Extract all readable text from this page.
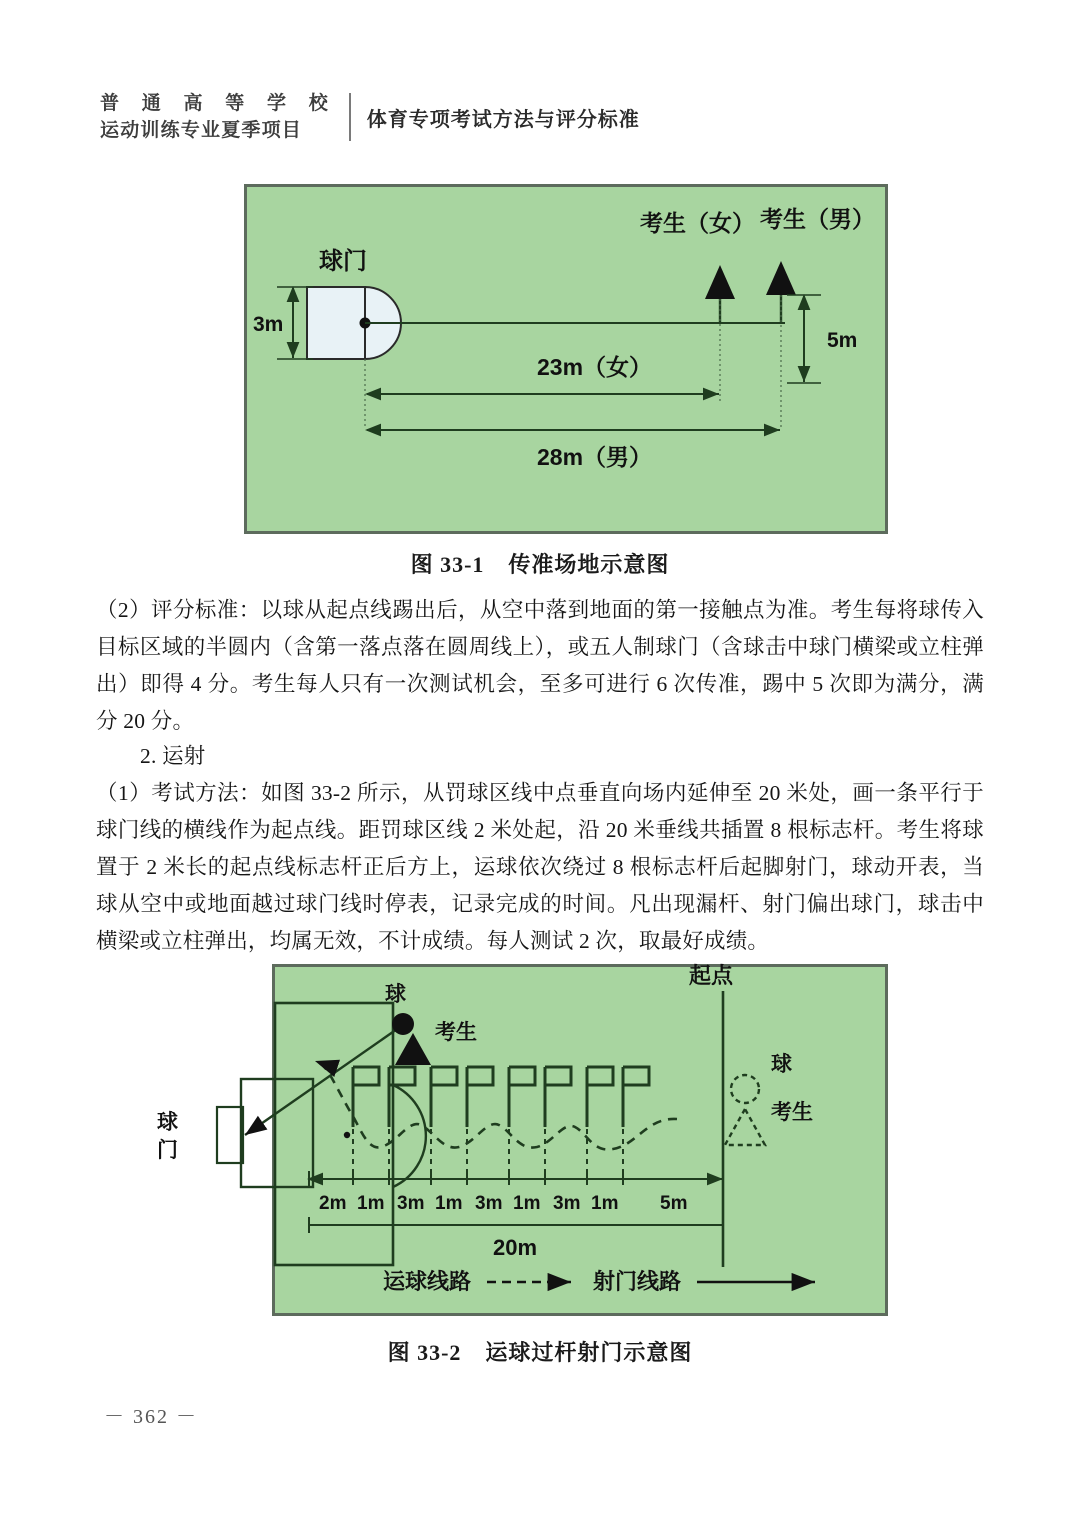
普 通 高 等 学 校
运动训练专业夏季项目	体育专项考试方法与评分标准
3m
考生（女） 考生（男）
5m
23m（女）
28m（男）
球门
图 33-1 传准场地示意图
（2）评分标准：以球从起点线踢出后，从空中落到地面的第一接触点为准。考生每将球传入目标区域的半圆内（含第一落点落在圆周线上），或五人制球门（含球击中球门横梁或立柱弹出）即得 4 分。考生每人只有一次测试机会，至多可进行 6 次传准，踢中 5 次即为满分，满分 20 分。
2. 运射
（1）考试方法：如图 33-2 所示，从罚球区线中点垂直向场内延伸至 20 米处，画一条平行于球门线的横线作为起点线。距罚球区线 2 米处起，沿 20 米垂线共插置 8 根标志杆。考生将球置于 2 米长的起点线标志杆正后方上，运球依次绕过 8 根标志杆后起脚射门，球动开表，当球从空中或地面越过球门线时停表，记录完成的时间。凡出现漏杆、射门偏出球门，球击中横梁或立柱弹出，均属无效，不计成绩。每人测试 2 次，取最好成绩。
球
门
球
考生
2m 1m 3m 1m 3m 1m 3m 1m 5m
20m
起点
球
考生
运球线路	射门线路
图 33-2 运球过杆射门示意图
－ 362 －
